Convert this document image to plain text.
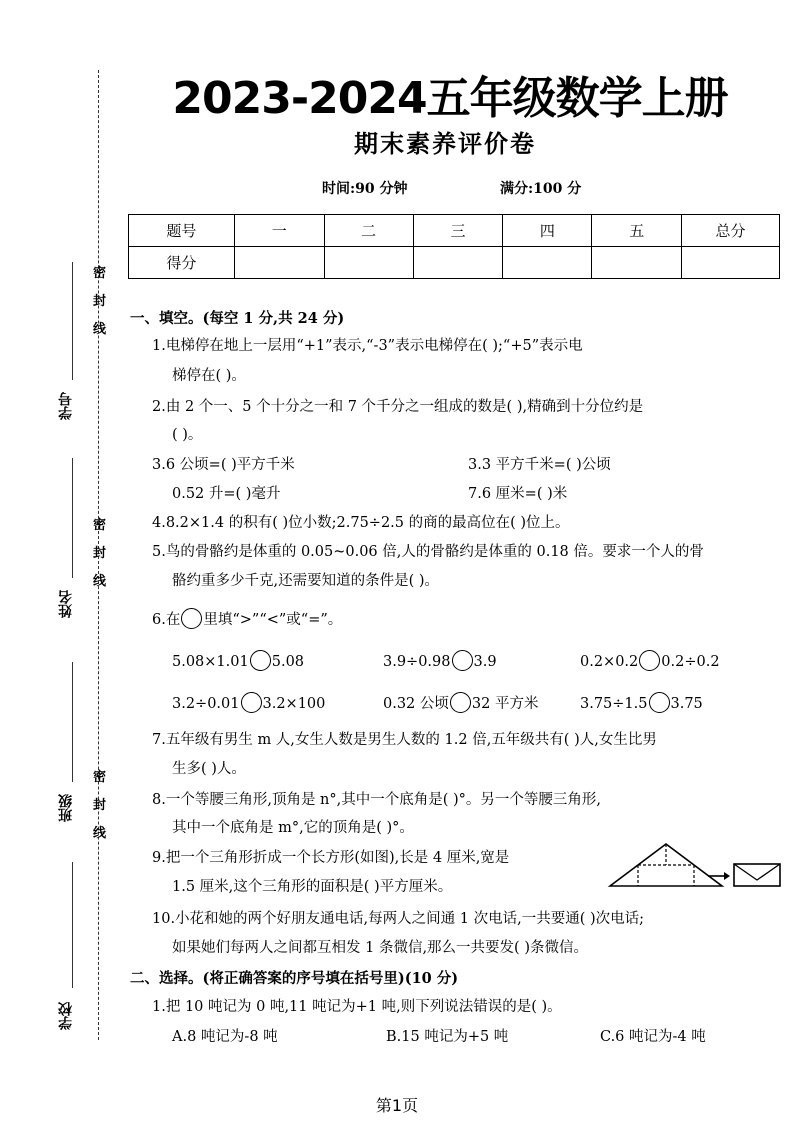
2023-2024五年级数学上册
期末素养评价卷
时间:90 分钟	满分:100 分
题号	一	二	三	四	五	总分
得分						
密
封
线
密
封
线
密
封
线
学号
姓名
班级
学校
一、填空。(每空 1 分,共 24 分)
1.电梯停在地上一层用“+1”表示,“-3”表示电梯停在( );“+5”表示电
梯停在( )。
2.由 2 个一、5 个十分之一和 7 个千分之一组成的数是( ),精确到十分位约是
( )。
3.6 公顷=( )平方千米	3.3 平方千米=( )公顷
0.52 升=( )毫升	7.6 厘米=( )米
4.8.2×1.4 的积有( )位小数;2.75÷2.5 的商的最高位在( )位上。
5.鸟的骨骼约是体重的 0.05~0.06 倍,人的骨骼约是体重的 0.18 倍。要求一个人的骨
骼约重多少千克,还需要知道的条件是( )。
6.在 里填“>”“<”或“=”。
5.08×1.01 5.08	3.9÷0.98 3.9	0.2×0.2 0.2÷0.2
3.2÷0.01 3.2×100	0.32 公顷 32 平方米	3.75÷1.5 3.75
7.五年级有男生 m 人,女生人数是男生人数的 1.2 倍,五年级共有( )人,女生比男
生多( )人。
8.一个等腰三角形,顶角是 n°,其中一个底角是( )°。另一个等腰三角形,
其中一个底角是 m°,它的顶角是( )°。
9.把一个三角形折成一个长方形(如图),长是 4 厘米,宽是
1.5 厘米,这个三角形的面积是( )平方厘米。
10.小花和她的两个好朋友通电话,每两人之间通 1 次电话,一共要通( )次电话;
如果她们每两人之间都互相发 1 条微信,那么一共要发( )条微信。
二、选择。(将正确答案的序号填在括号里)(10 分)
1.把 10 吨记为 0 吨,11 吨记为+1 吨,则下列说法错误的是( )。
A.8 吨记为-8 吨	B.15 吨记为+5 吨	C.6 吨记为-4 吨
第1页
